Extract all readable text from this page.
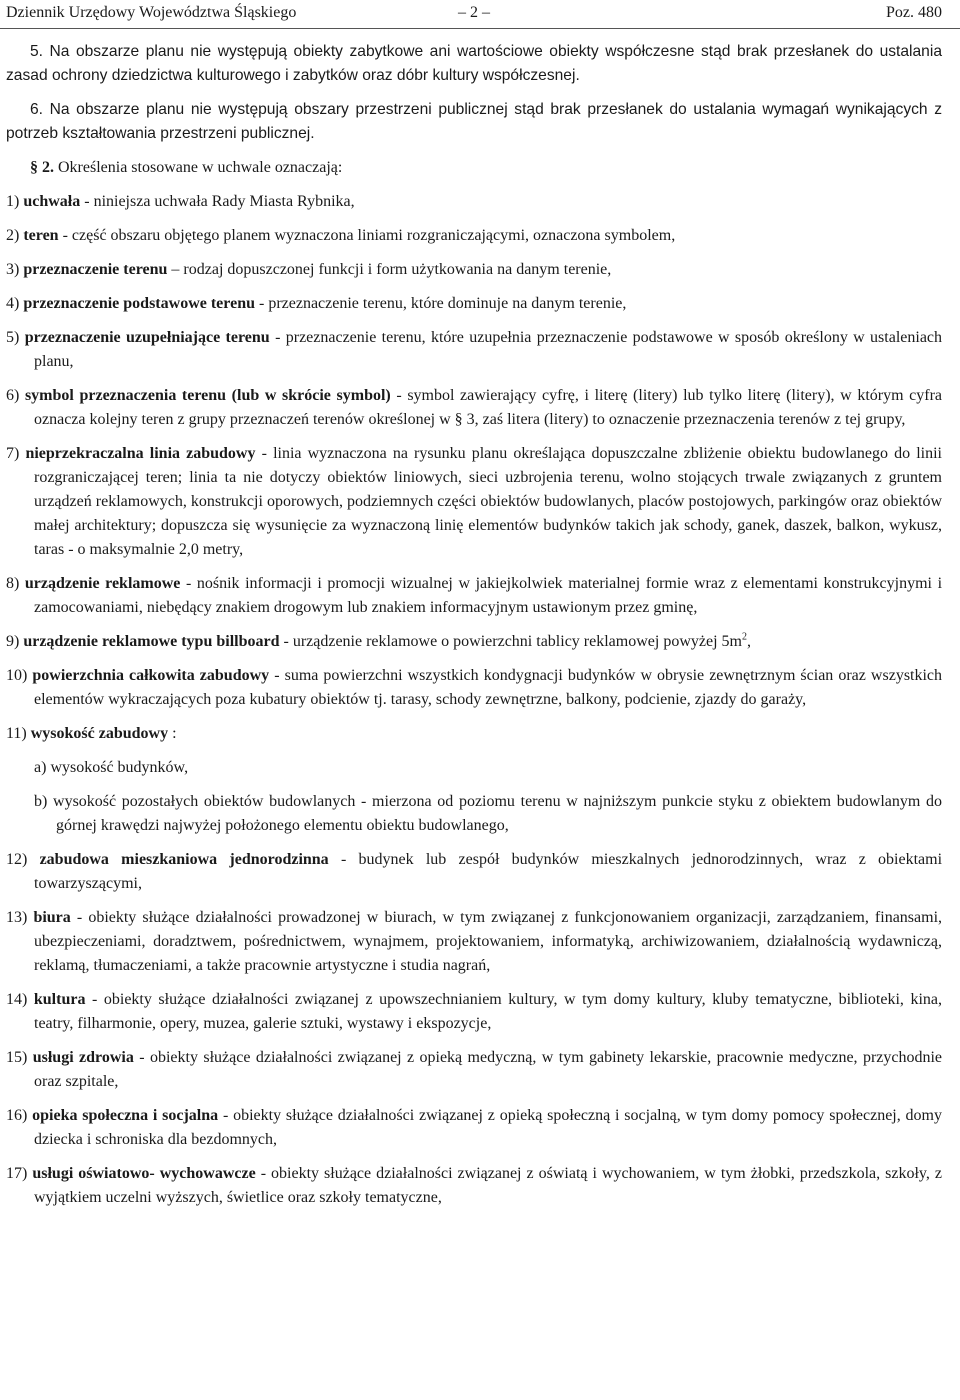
Dziennik Urzędowy Województwa Śląskiego	– 2 –	Poz. 480

5. Na obszarze planu nie występują obiekty zabytkowe ani wartościowe obiekty współczesne stąd brak przesłanek do ustalania zasad ochrony dziedzictwa kulturowego i zabytków oraz dóbr kultury współczesnej.

6. Na obszarze planu nie występują obszary przestrzeni publicznej stąd brak przesłanek do ustalania wymagań wynikających z potrzeb kształtowania przestrzeni publicznej.

§ 2. Określenia stosowane w uchwale oznaczają:

1) uchwała - niniejsza uchwała Rady Miasta Rybnika,

2) teren - część obszaru objętego planem wyznaczona liniami rozgraniczającymi, oznaczona symbolem,

3) przeznaczenie terenu – rodzaj dopuszczonej funkcji i form użytkowania na danym terenie,

4) przeznaczenie podstawowe terenu - przeznaczenie terenu, które dominuje na danym terenie,

5) przeznaczenie uzupełniające terenu - przeznaczenie terenu, które uzupełnia przeznaczenie podstawowe w sposób określony w ustaleniach planu,

6) symbol przeznaczenia terenu (lub w skrócie symbol) - symbol zawierający cyfrę, i literę (litery) lub tylko literę (litery), w którym cyfra oznacza kolejny teren z grupy przeznaczeń terenów określonej w § 3, zaś litera (litery) to oznaczenie przeznaczenia terenów z tej grupy,

7) nieprzekraczalna linia zabudowy - linia wyznaczona na rysunku planu określająca dopuszczalne zbliżenie obiektu budowlanego do linii rozgraniczającej teren; linia ta nie dotyczy obiektów liniowych, sieci uzbrojenia terenu, wolno stojących trwale związanych z gruntem urządzeń reklamowych, konstrukcji oporowych, podziemnych części obiektów budowlanych, placów postojowych, parkingów oraz obiektów małej architektury; dopuszcza się wysunięcie za wyznaczoną linię elementów budynków takich jak schody, ganek, daszek, balkon, wykusz, taras - o maksymalnie 2,0 metry,

8) urządzenie reklamowe - nośnik informacji i promocji wizualnej w jakiejkolwiek materialnej formie wraz z elementami konstrukcyjnymi i zamocowaniami, niebędący znakiem drogowym lub znakiem informacyjnym ustawionym przez gminę,

9) urządzenie reklamowe typu billboard - urządzenie reklamowe o powierzchni tablicy reklamowej powyżej $5m^2$,

10) powierzchnia całkowita zabudowy - suma powierzchni wszystkich kondygnacji budynków w obrysie zewnętrznym ścian oraz wszystkich elementów wykraczających poza kubatury obiektów tj. tarasy, schody zewnętrzne, balkony, podcienie, zjazdy do garaży,

11) wysokość zabudowy :

a) wysokość budynków,

b) wysokość pozostałych obiektów budowlanych - mierzona od poziomu terenu w najniższym punkcie styku z obiektem budowlanym do górnej krawędzi najwyżej położonego elementu obiektu budowlanego,

12) zabudowa mieszkaniowa jednorodzinna - budynek lub zespół budynków mieszkalnych jednorodzinnych, wraz z obiektami towarzyszącymi,

13) biura - obiekty służące działalności prowadzonej w biurach, w tym związanej z funkcjonowaniem organizacji, zarządzaniem, finansami, ubezpieczeniami, doradztwem, pośrednictwem, wynajmem, projektowaniem, informatyką, archiwizowaniem, działalnością wydawniczą, reklamą, tłumaczeniami, a także pracownie artystyczne i studia nagrań,

14) kultura - obiekty służące działalności związanej z upowszechnianiem kultury, w tym domy kultury, kluby tematyczne, biblioteki, kina, teatry, filharmonie, opery, muzea, galerie sztuki, wystawy i ekspozycje,

15) usługi zdrowia - obiekty służące działalności związanej z opieką medyczną, w tym gabinety lekarskie, pracownie medyczne, przychodnie oraz szpitale,

16) opieka społeczna i socjalna - obiekty służące działalności związanej z opieką społeczną i socjalną, w tym domy pomocy społecznej, domy dziecka i schroniska dla bezdomnych,

17) usługi oświatowo- wychowawcze - obiekty służące działalności związanej z oświatą i wychowaniem, w tym żłobki, przedszkola, szkoły, z wyjątkiem uczelni wyższych, świetlice oraz szkoły tematyczne,
